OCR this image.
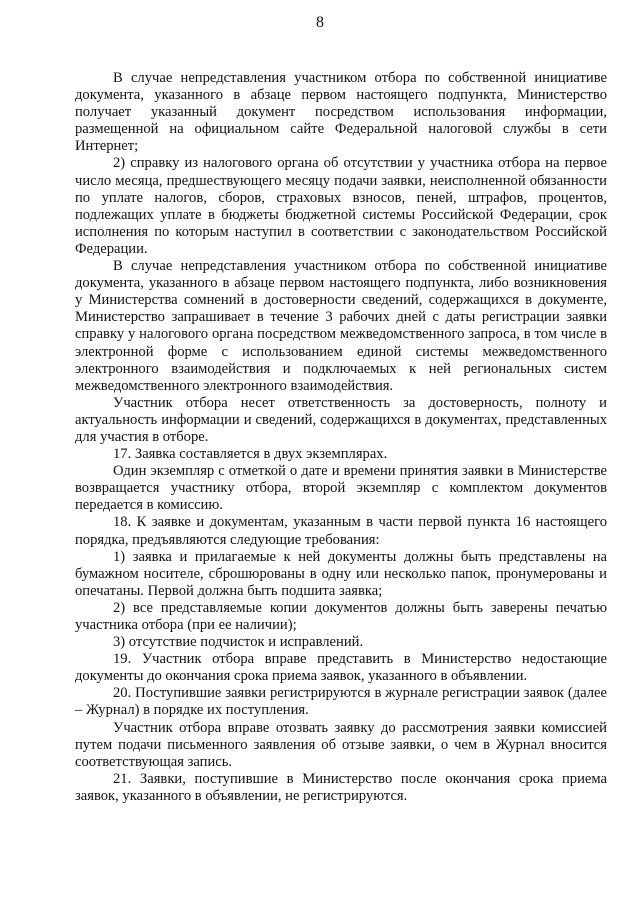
8

В случае непредставления участником отбора по собственной инициативе документа, указанного в абзаце первом настоящего подпункта, Министерство получает указанный документ посредством использования информации, размещенной на официальном сайте Федеральной налоговой службы в сети Интернет;

2) справку из налогового органа об отсутствии у участника отбора на первое число месяца, предшествующего месяцу подачи заявки, неисполненной обязанности по уплате налогов, сборов, страховых взносов, пеней, штрафов, процентов, подлежащих уплате в бюджеты бюджетной системы Российской Федерации, срок исполнения по которым наступил в соответствии с законодательством Российской Федерации.

В случае непредставления участником отбора по собственной инициативе документа, указанного в абзаце первом настоящего подпункта, либо возникновения у Министерства сомнений в достоверности сведений, содержащихся в документе, Министерство запрашивает в течение 3 рабочих дней с даты регистрации заявки справку у налогового органа посредством межведомственного запроса, в том числе в электронной форме с использованием единой системы межведомственного электронного взаимодействия и подключаемых к ней региональных систем межведомственного электронного взаимодействия.

Участник отбора несет ответственность за достоверность, полноту и актуальность информации и сведений, содержащихся в документах, представленных для участия в отборе.

17. Заявка составляется в двух экземплярах.

Один экземпляр с отметкой о дате и времени принятия заявки в Министерстве возвращается участнику отбора, второй экземпляр с комплектом документов передается в комиссию.

18. К заявке и документам, указанным в части первой пункта 16 настоящего порядка, предъявляются следующие требования:

1) заявка и прилагаемые к ней документы должны быть представлены на бумажном носителе, сброшюрованы в одну или несколько папок, пронумерованы и опечатаны. Первой должна быть подшита заявка;

2) все представляемые копии документов должны быть заверены печатью участника отбора (при ее наличии);

3) отсутствие подчисток и исправлений.

19. Участник отбора вправе представить в Министерство недостающие документы до окончания срока приема заявок, указанного в объявлении.

20. Поступившие заявки регистрируются в журнале регистрации заявок (далее – Журнал) в порядке их поступления.

Участник отбора вправе отозвать заявку до рассмотрения заявки комиссией путем подачи письменного заявления об отзыве заявки, о чем в Журнал вносится соответствующая запись.

21. Заявки, поступившие в Министерство после окончания срока приема заявок, указанного в объявлении, не регистрируются.
